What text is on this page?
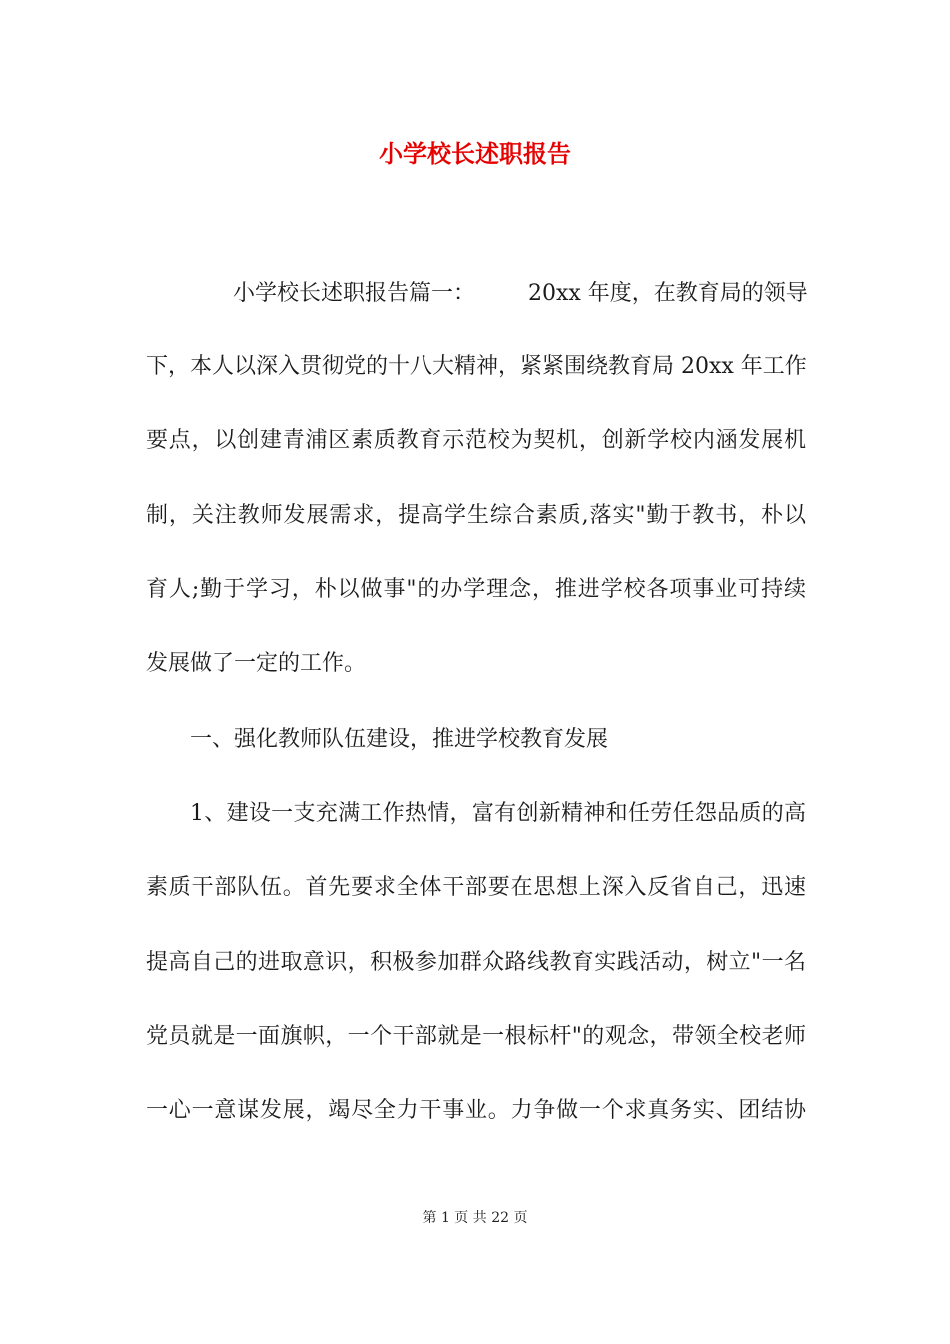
小学校长述职报告
小学校长述职报告篇一：	20xx 年度，在教育局的领导
下，本人以深入贯彻党的十八大精神，紧紧围绕教育局 20xx 年工作
要点，以创建青浦区素质教育示范校为契机，创新学校内涵发展机
制，关注教师发展需求，提高学生综合素质,落实"勤于教书，朴以
育人;勤于学习，朴以做事"的办学理念，推进学校各项事业可持续
发展做了一定的工作。
一、强化教师队伍建设，推进学校教育发展
1、建设一支充满工作热情，富有创新精神和任劳任怨品质的高
素质干部队伍。首先要求全体干部要在思想上深入反省自己，迅速
提高自己的进取意识，积极参加群众路线教育实践活动，树立"一名
党员就是一面旗帜，一个干部就是一根标杆"的观念，带领全校老师
一心一意谋发展，竭尽全力干事业。力争做一个求真务实、团结协
第 1 页 共 22 页
